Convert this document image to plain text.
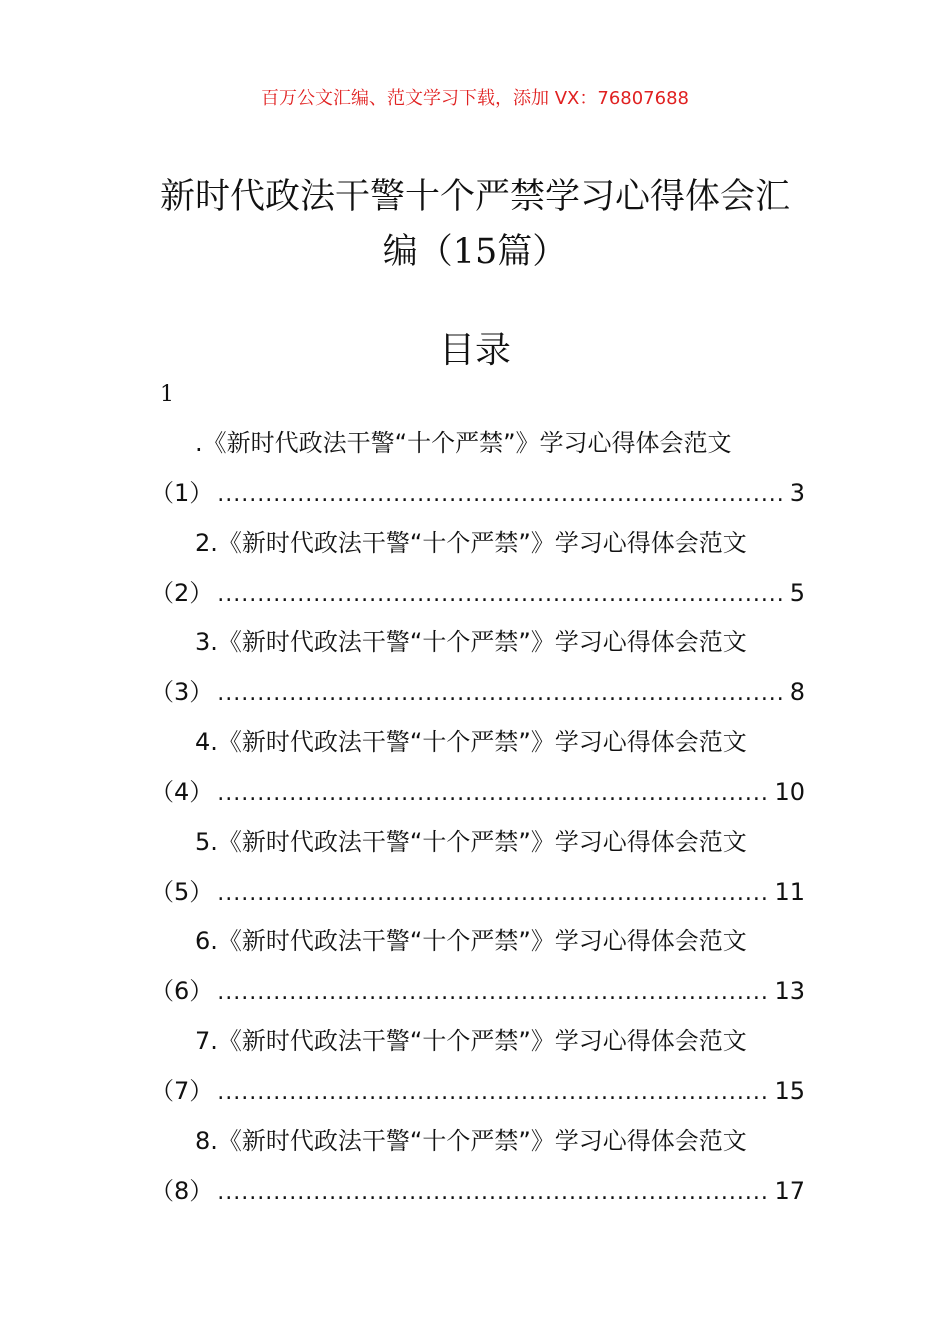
百万公文汇编、范文学习下载，添加 VX：76807688
新时代政法干警十个严禁学习心得体会汇
编（15篇）
目录
1
.《新时代政法干警“十个严禁”》学习心得体会范文
（1） .....	3
2.《新时代政法干警“十个严禁”》学习心得体会范文
（2） .....	5
3.《新时代政法干警“十个严禁”》学习心得体会范文
（3） .....	8
4.《新时代政法干警“十个严禁”》学习心得体会范文
（4） .....	10
5.《新时代政法干警“十个严禁”》学习心得体会范文
（5） .....	11
6.《新时代政法干警“十个严禁”》学习心得体会范文
（6） .....	13
7.《新时代政法干警“十个严禁”》学习心得体会范文
（7） .....	15
8.《新时代政法干警“十个严禁”》学习心得体会范文
（8） .....	17
